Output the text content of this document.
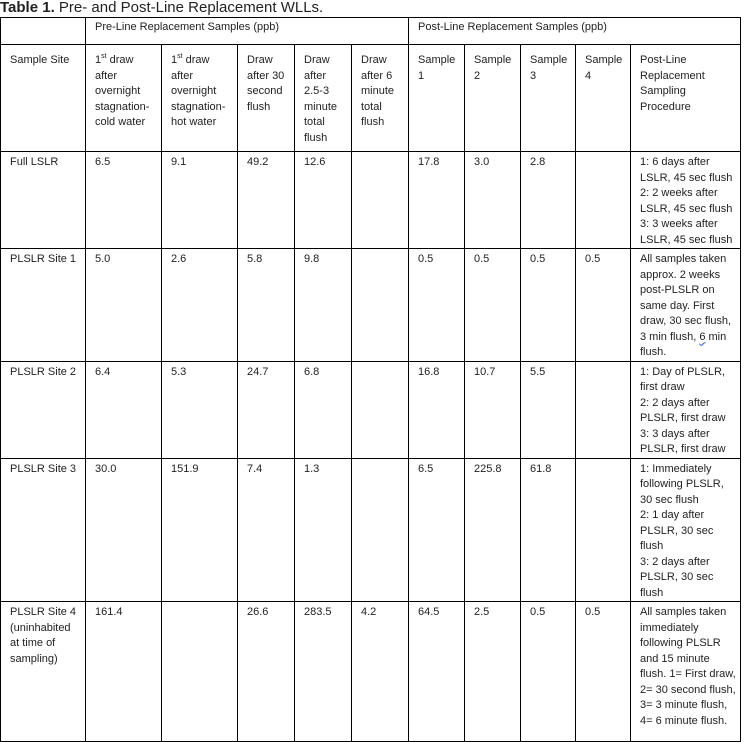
Table 1. Pre- and Post-Line Replacement WLLs.
	Pre-Line Replacement Samples (ppb)					Post-Line Replacement Samples (ppb)				
Sample Site	1st draw after overnight stagnation-cold water	1st draw after overnight stagnation-hot water	Draw after 30 second flush	Draw after 2.5-3 minute total flush	Draw after 6 minute total flush	Sample 1	Sample 2	Sample 3	Sample 4	Post-Line Replacement Sampling Procedure
Full LSLR	6.5	9.1	49.2	12.6		17.8	3.0	2.8		1: 6 days after LSLR, 45 sec flush
2: 2 weeks after LSLR, 45 sec flush
3: 3 weeks after LSLR, 45 sec flush
PLSLR Site 1	5.0	2.6	5.8	9.8		0.5	0.5	0.5	0.5	All samples taken approx. 2 weeks post-PLSLR on same day. First draw, 30 sec flush, 3 min flush, 6 min flush.
PLSLR Site 2	6.4	5.3	24.7	6.8		16.8	10.7	5.5		1: Day of PLSLR, first draw
2: 2 days after PLSLR, first draw
3: 3 days after PLSLR, first draw
PLSLR Site 3	30.0	151.9	7.4	1.3		6.5	225.8	61.8		1: Immediately following PLSLR, 30 sec flush
2: 1 day after PLSLR, 30 sec flush
3: 2 days after PLSLR, 30 sec flush
PLSLR Site 4 (uninhabited at time of sampling)	161.4		26.6	283.5	4.2	64.5	2.5	0.5	0.5	All samples taken immediately following PLSLR and 15 minute flush. 1= First draw, 2= 30 second flush, 3= 3 minute flush, 4= 6 minute flush.
